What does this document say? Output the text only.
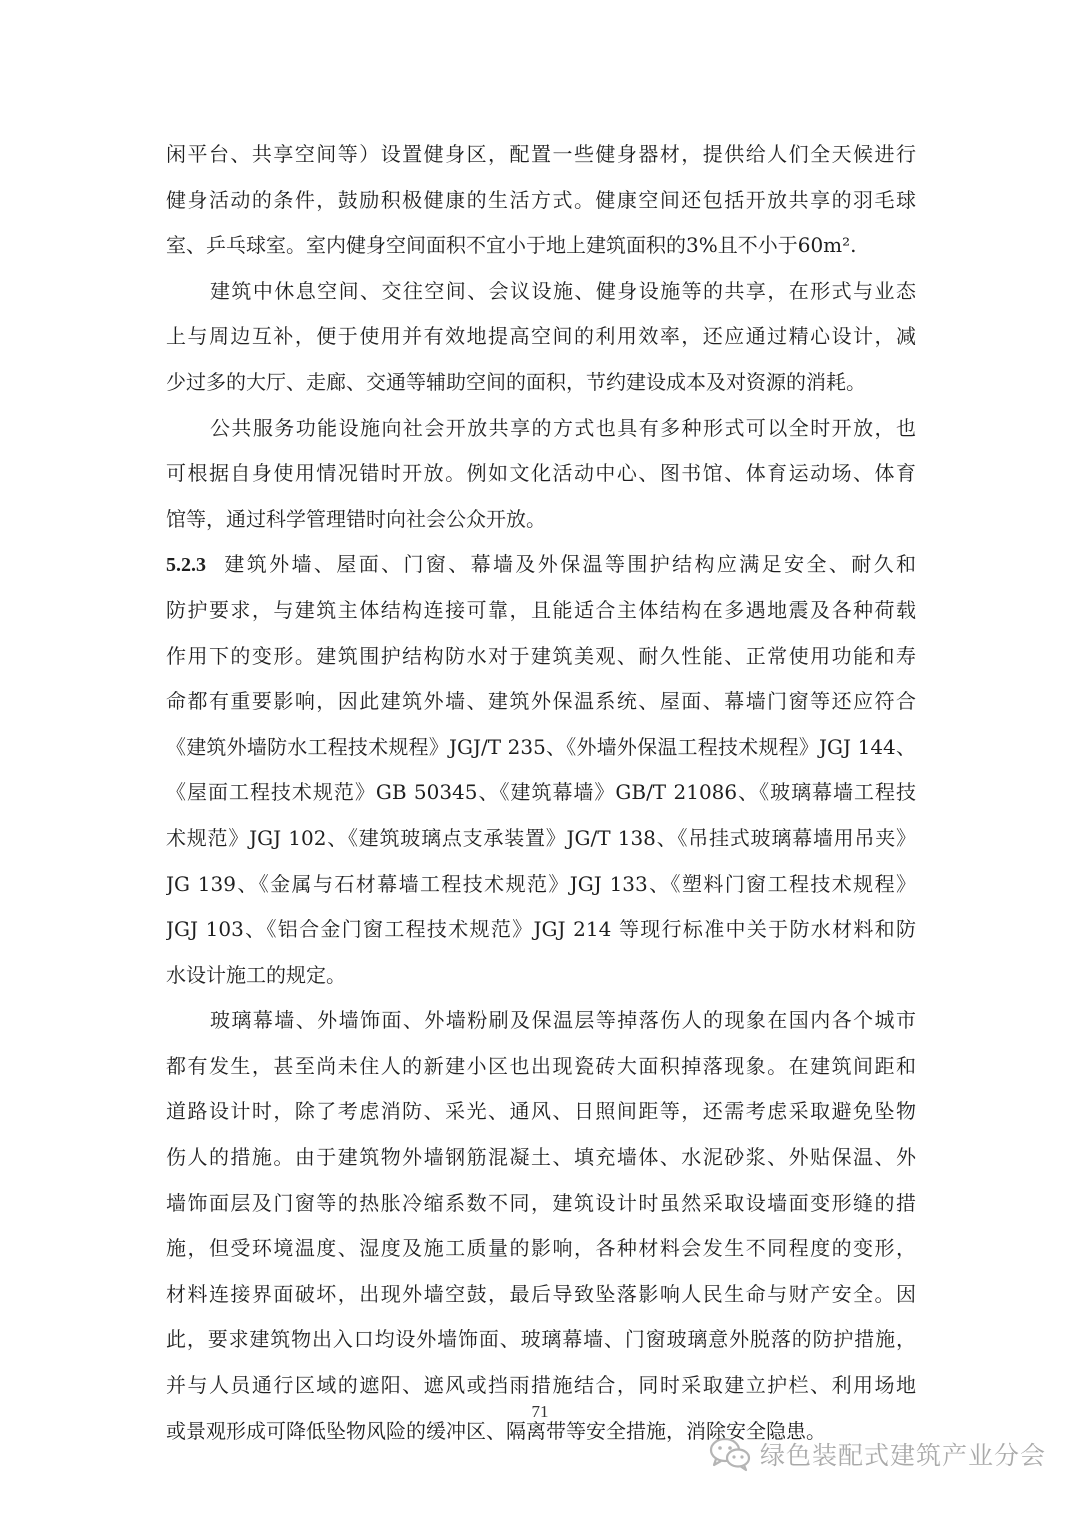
闲平台、共享空间等）设置健身区，配置一些健身器材，提供给人们全天候进行
健身活动的条件，鼓励积极健康的生活方式。健康空间还包括开放共享的羽毛球
室、乒乓球室。室内健身空间面积不宜小于地上建筑面积的3%且不小于60m².
建筑中休息空间、交往空间、会议设施、健身设施等的共享，在形式与业态
上与周边互补，便于使用并有效地提高空间的利用效率，还应通过精心设计，减
少过多的大厅、走廊、交通等辅助空间的面积，节约建设成本及对资源的消耗。
公共服务功能设施向社会开放共享的方式也具有多种形式可以全时开放，也
可根据自身使用情况错时开放。例如文化活动中心、图书馆、体育运动场、体育
馆等，通过科学管理错时向社会公众开放。
5.2.3 建筑外墙、屋面、门窗、幕墙及外保温等围护结构应满足安全、耐久和
防护要求，与建筑主体结构连接可靠，且能适合主体结构在多遇地震及各种荷载
作用下的变形。建筑围护结构防水对于建筑美观、耐久性能、正常使用功能和寿
命都有重要影响，因此建筑外墙、建筑外保温系统、屋面、幕墙门窗等还应符合
《建筑外墙防水工程技术规程》JGJ/T 235、《外墙外保温工程技术规程》JGJ 144、
《屋面工程技术规范》GB 50345、《建筑幕墙》GB/T 21086、《玻璃幕墙工程技
术规范》JGJ 102、《建筑玻璃点支承装置》JG/T 138、《吊挂式玻璃幕墙用吊夹》
JG 139、《金属与石材幕墙工程技术规范》JGJ 133、《塑料门窗工程技术规程》
JGJ 103、《铝合金门窗工程技术规范》JGJ 214 等现行标准中关于防水材料和防
水设计施工的规定。
玻璃幕墙、外墙饰面、外墙粉刷及保温层等掉落伤人的现象在国内各个城市
都有发生，甚至尚未住人的新建小区也出现瓷砖大面积掉落现象。在建筑间距和
道路设计时，除了考虑消防、采光、通风、日照间距等，还需考虑采取避免坠物
伤人的措施。由于建筑物外墙钢筋混凝土、填充墙体、水泥砂浆、外贴保温、外
墙饰面层及门窗等的热胀冷缩系数不同，建筑设计时虽然采取设墙面变形缝的措
施，但受环境温度、湿度及施工质量的影响，各种材料会发生不同程度的变形，
材料连接界面破坏，出现外墙空鼓，最后导致坠落影响人民生命与财产安全。因
此，要求建筑物出入口均设外墙饰面、玻璃幕墙、门窗玻璃意外脱落的防护措施，
并与人员通行区域的遮阳、遮风或挡雨措施结合，同时采取建立护栏、利用场地
或景观形成可降低坠物风险的缓冲区、隔离带等安全措施，消除安全隐患。
71
绿色装配式建筑产业分会
